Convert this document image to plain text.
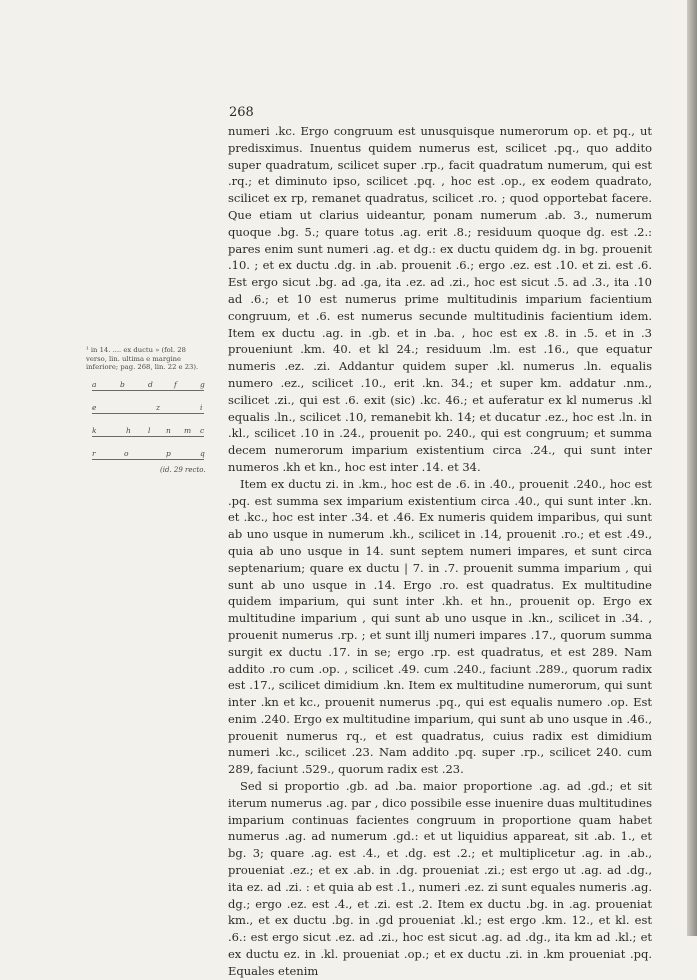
268
¹ in 14. .... ex ductu » (fol. 28 verso, lin. ultima e margine inferiore; pag. 268, lin. 22 e 23).
a	b	d	f	g
e	z	i
k	h l n m c
r	o	p	q
(id. 29 recto.

numeri .kc. Ergo congruum est unusquisque numerorum op. et pq., ut predisximus. Inuentus quidem numerus est, scilicet .pq., quo addito super quadratum, scilicet super .rp., facit quadratum numerum, qui est .rq.; et diminuto ipso, scilicet .pq. , hoc est .op., ex eodem quadrato, scilicet ex rp, remanet quadratus, scilicet .ro. ; quod opportebat facere. Que etiam ut clarius uideantur, ponam numerum .ab. 3., numerum quoque .bg. 5.; quare totus .ag. erit .8.; residuum quoque dg. est .2.: pares enim sunt numeri .ag. et dg.: ex ductu quidem dg. in bg. prouenit .10. ; et ex ductu .dg. in .ab. prouenit .6.; ergo .ez. est .10. et zi. est .6. Est ergo sicut .bg. ad .ga, ita .ez. ad .zi., hoc est sicut .5. ad .3., ita .10 ad .6.; et 10 est numerus prime multitudinis imparium facientium congruum, et .6. est numerus secunde multitudinis facientium idem. Item ex ductu .ag. in .gb. et in .ba. , hoc est ex .8. in .5. et in .3 proueniunt .km. 40. et kl 24.; residuum .lm. est .16., que equatur numeris .ez. .zi. Addantur quidem super .kl. numerus .ln. equalis numero .ez., scilicet .10., erit .kn. 34.; et super km. addatur .nm., scilicet .zi., qui est .6. exit (sic) .kc. 46.; et auferatur ex kl numerus .kl equalis .ln., scilicet .10, remanebit kh. 14; et ducatur .ez., hoc est .ln. in .kl., scilicet .10 in .24., prouenit po. 240., qui est congruum; et summa decem numerorum imparium existentium circa .24., qui sunt inter numeros .kh et kn., hoc est inter .14. et 34.

Item ex ductu zi. in .km., hoc est de .6. in .40., prouenit .240., hoc est .pq. est summa sex imparium existentium circa .40., qui sunt inter .kn. et .kc., hoc est inter .34. et .46. Ex numeris quidem imparibus, qui sunt ab uno usque in numerum .kh., scilicet in .14, prouenit .ro.; et est .49., quia ab uno usque in 14. sunt septem numeri impares, et sunt circa septenarium; quare ex ductu | 7. in .7. prouenit summa imparium , qui sunt ab uno usque in .14. Ergo .ro. est quadratus. Ex multitudine quidem imparium, qui sunt inter .kh. et hn., prouenit op. Ergo ex multitudine imparium , qui sunt ab uno usque in .kn., scilicet in .34. , prouenit numerus .rp. ; et sunt illj numeri impares .17., quorum summa surgit ex ductu .17. in se; ergo .rp. est quadratus, et est 289. Nam addito .ro cum .op. , scilicet .49. cum .240., faciunt .289., quorum radix est .17., scilicet dimidium .kn. Item ex multitudine numerorum, qui sunt inter .kn et kc., prouenit numerus .pq., qui est equalis numero .op. Est enim .240. Ergo ex multitudine imparium, qui sunt ab uno usque in .46., prouenit numerus rq., et est quadratus, cuius radix est dimidium numeri .kc., scilicet .23. Nam addito .pq. super .rp., scilicet 240. cum 289, faciunt .529., quorum radix est .23.

Sed si proportio .gb. ad .ba. maior proportione .ag. ad .gd.; et sit iterum numerus .ag. par , dico possibile esse inuenire duas multitudines imparium continuas facientes congruum in proportione quam habet numerus .ag. ad numerum .gd.: et ut liquidius appareat, sit .ab. 1., et bg. 3; quare .ag. est .4., et .dg. est .2.; et multiplicetur .ag. in .ab., proueniat .ez.; et ex .ab. in .dg. proueniat .zi.; est ergo ut .ag. ad .dg., ita ez. ad .zi. : et quia ab est .1., numeri .ez. zi sunt equales numeris .ag. dg.; ergo .ez. est .4., et .zi. est .2. Item ex ductu .bg. in .ag. proueniat km., et ex ductu .bg. in .gd proueniat .kl.; est ergo .km. 12., et kl. est .6.: est ergo sicut .ez. ad .zi., hoc est sicut .ag. ad .dg., ita km ad .kl.; et ex ductu ez. in .kl. proueniat .op.; et ex ductu .zi. in .km proueniat .pq. Equales etenim
